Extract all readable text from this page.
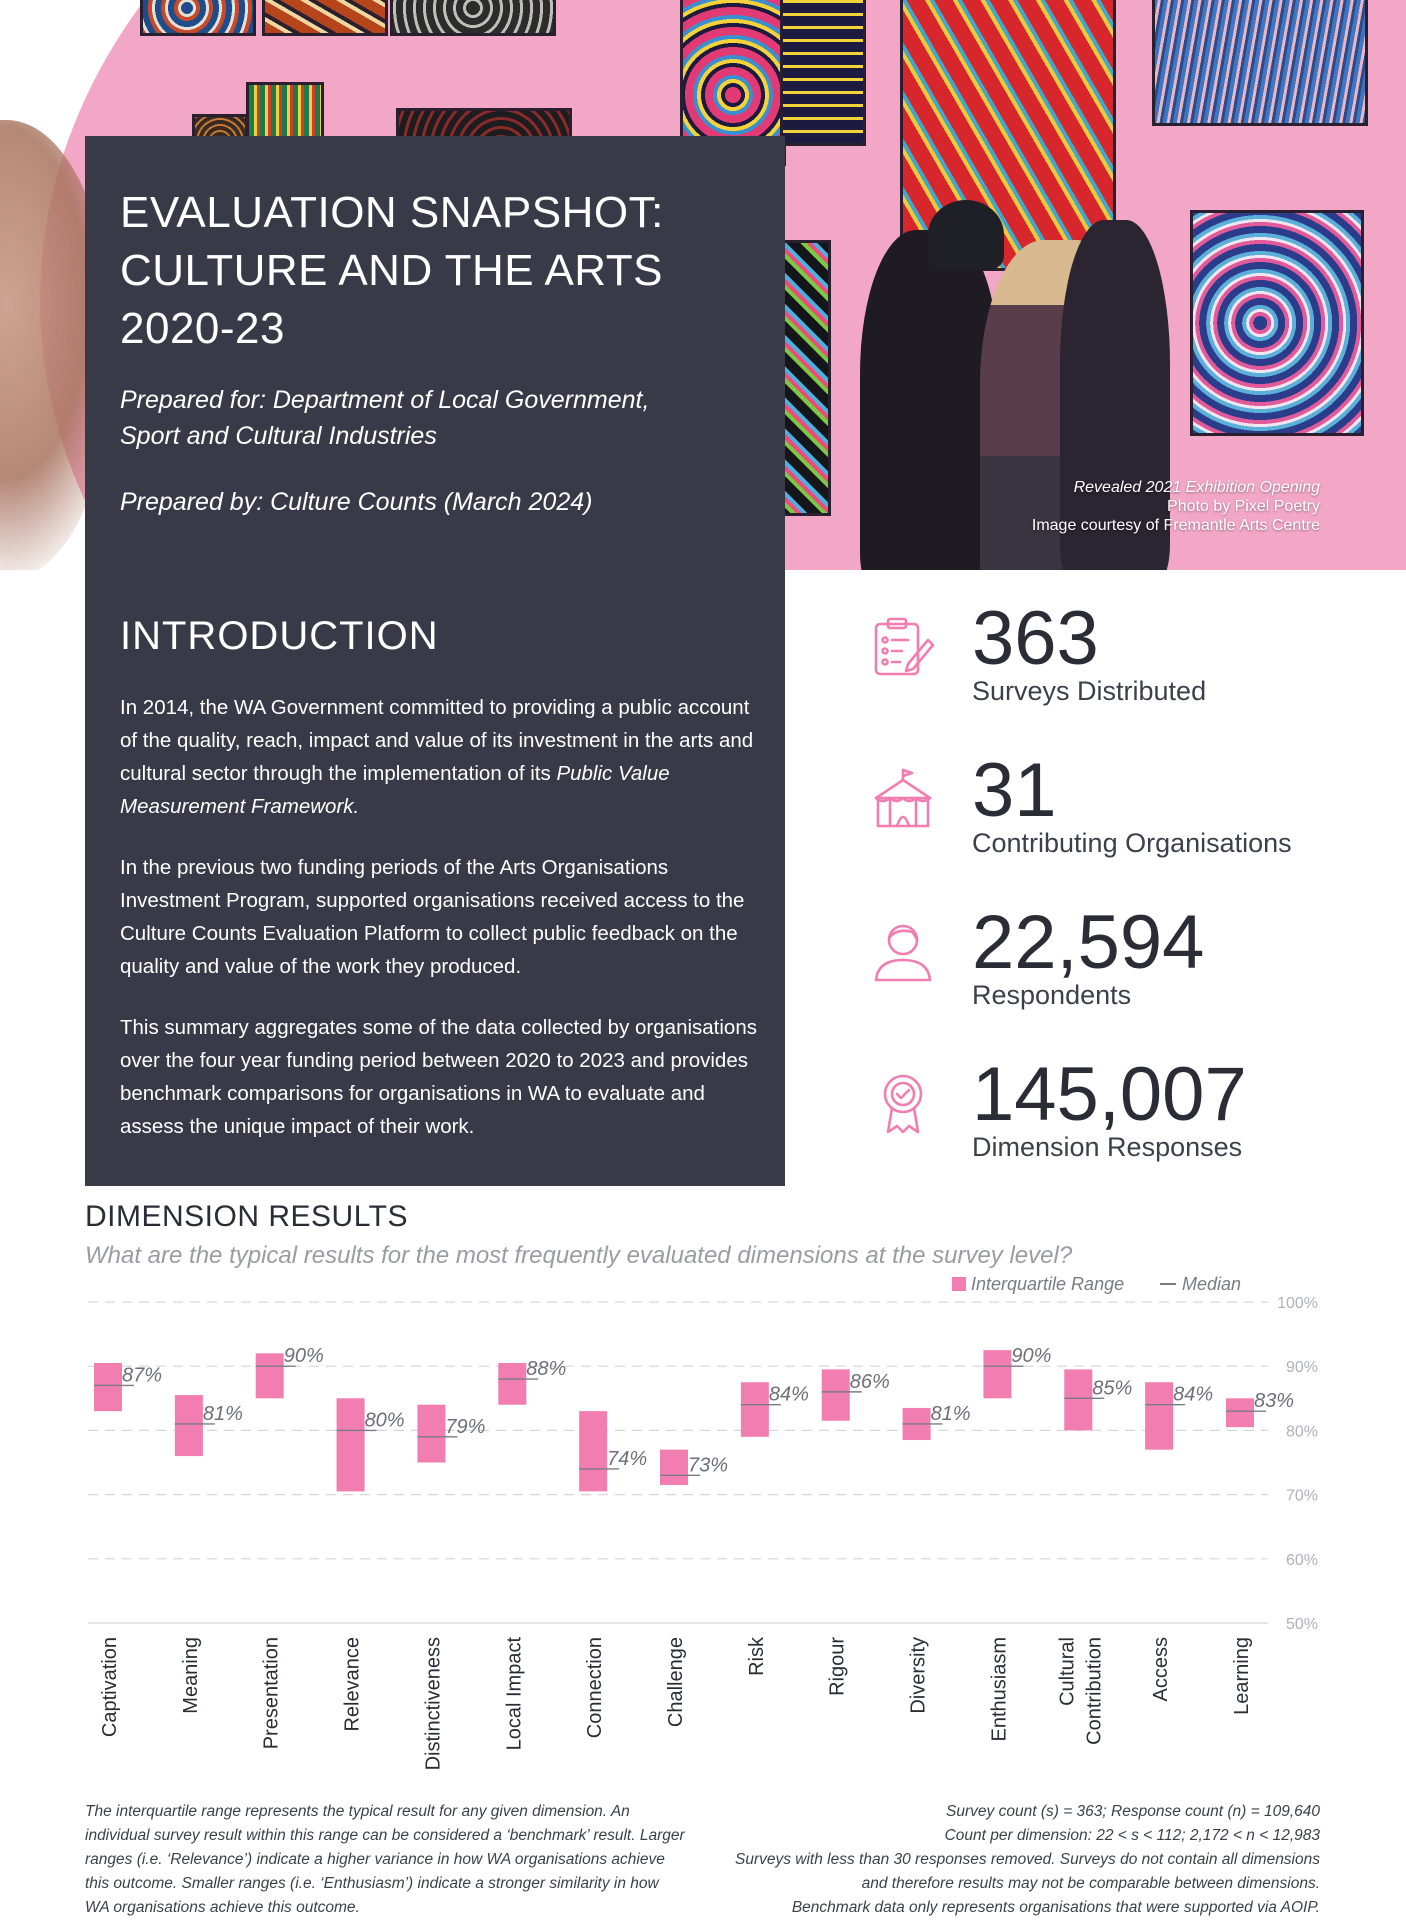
Revealed 2021 Exhibition Opening
Photo by Pixel Poetry
Image courtesy of Fremantle Arts Centre
EVALUATION SNAPSHOT:
CULTURE AND THE ARTS
2020-23
Prepared for: Department of Local Government,
Sport and Cultural Industries
Prepared by: Culture Counts (March 2024)
INTRODUCTION
In 2014, the WA Government committed to providing a public account of the quality, reach, impact and value of its investment in the arts and cultural sector through the implementation of its Public Value Measurement Framework.
In the previous two funding periods of the Arts Organisations Investment Program, supported organisations received access to the Culture Counts Evaluation Platform to collect public feedback on the quality and value of the work they produced.
This summary aggregates some of the data collected by organisations over the four year funding period between 2020 to 2023 and provides benchmark comparisons for organisations in WA to evaluate and assess the unique impact of their work.
363
Surveys Distributed
31
Contributing Organisations
22,594
Respondents
145,007
Dimension Responses
DIMENSION RESULTS
What are the typical results for the most frequently evaluated dimensions at the survey level?
Interquartile Range	Median
100%
90%
80%
70%
60%
50%
87%
Captivation
81%
Meaning
90%
Presentation
80%
Relevance
79%
Distinctiveness
88%
Local Impact
74%
Connection
73%
Challenge
84%
Risk
86%
Rigour
81%
Diversity
90%
Enthusiasm
85%
Cultural Contribution
84%
Access
83%
Learning
The interquartile range represents the typical result for any given dimension. An individual survey result within this range can be considered a ‘benchmark’ result. Larger ranges (i.e. ‘Relevance’) indicate a higher variance in how WA organisations achieve this outcome. Smaller ranges (i.e. ‘Enthusiasm’) indicate a stronger similarity in how WA organisations achieve this outcome.
Survey count (s) = 363; Response count (n) = 109,640
Count per dimension: 22 < s < 112; 2,172 < n < 12,983
Surveys with less than 30 responses removed. Surveys do not contain all dimensions
and therefore results may not be comparable between dimensions.
Benchmark data only represents organisations that were supported via AOIP.
